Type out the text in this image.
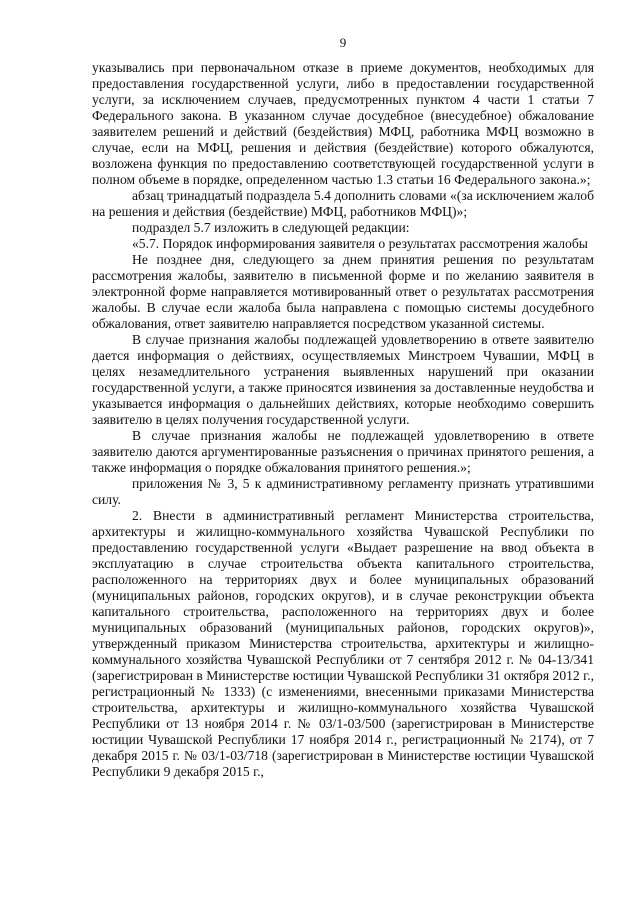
9

указывались при первоначальном отказе в приеме документов, необходимых для предоставления государственной услуги, либо в предоставлении государственной услуги, за исключением случаев, предусмотренных пунктом 4 части 1 статьи 7 Федерального закона. В указанном случае досудебное (внесудебное) обжалование заявителем решений и действий (бездействия) МФЦ, работника МФЦ возможно в случае, если на МФЦ, решения и действия (бездействие) которого обжалуются, возложена функция по предоставлению соответствующей государственной услуги в полном объеме в порядке, определенном частью 1.3 статьи 16 Федерального закона.»;

абзац тринадцатый подраздела 5.4 дополнить словами «(за исключением жалоб на решения и действия (бездействие) МФЦ, работников МФЦ)»;

подраздел 5.7 изложить в следующей редакции:

«5.7. Порядок информирования заявителя о результатах рассмотрения жалобы

Не позднее дня, следующего за днем принятия решения по результатам рассмотрения жалобы, заявителю в письменной форме и по желанию заявителя в электронной форме направляется мотивированный ответ о результатах рассмотрения жалобы. В случае если жалоба была направлена с помощью системы досудебного обжалования, ответ заявителю направляется посредством указанной системы.

В случае признания жалобы подлежащей удовлетворению в ответе заявителю дается информация о действиях, осуществляемых Минстроем Чувашии, МФЦ в целях незамедлительного устранения выявленных нарушений при оказании государственной услуги, а также приносятся извинения за доставленные неудобства и указывается информация о дальнейших действиях, которые необходимо совершить заявителю в целях получения государственной услуги.

В случае признания жалобы не подлежащей удовлетворению в ответе заявителю даются аргументированные разъяснения о причинах принятого решения, а также информация о порядке обжалования принятого решения.»;

приложения № 3, 5 к административному регламенту признать утратившими силу.

2. Внести в административный регламент Министерства строительства, архитектуры и жилищно-коммунального хозяйства Чувашской Республики по предоставлению государственной услуги «Выдает разрешение на ввод объекта в эксплуатацию в случае строительства объекта капитального строительства, расположенного на территориях двух и более муниципальных образований (муниципальных районов, городских округов), и в случае реконструкции объекта капитального строительства, расположенного на территориях двух и более муниципальных образований (муниципальных районов, городских округов)», утвержденный приказом Министерства строительства, архитектуры и жилищно-коммунального хозяйства Чувашской Республики от 7 сентября 2012 г. № 04-13/341 (зарегистрирован в Министерстве юстиции Чувашской Республики 31 октября 2012 г., регистрационный № 1333) (с изменениями, внесенными приказами Министерства строительства, архитектуры и жилищно-коммунального хозяйства Чувашской Республики от 13 ноября 2014 г. № 03/1-03/500 (зарегистрирован в Министерстве юстиции Чувашской Республики 17 ноября 2014 г., регистрационный № 2174), от 7 декабря 2015 г. № 03/1-03/718 (зарегистрирован в Министерстве юстиции Чувашской Республики 9 декабря 2015 г.,
